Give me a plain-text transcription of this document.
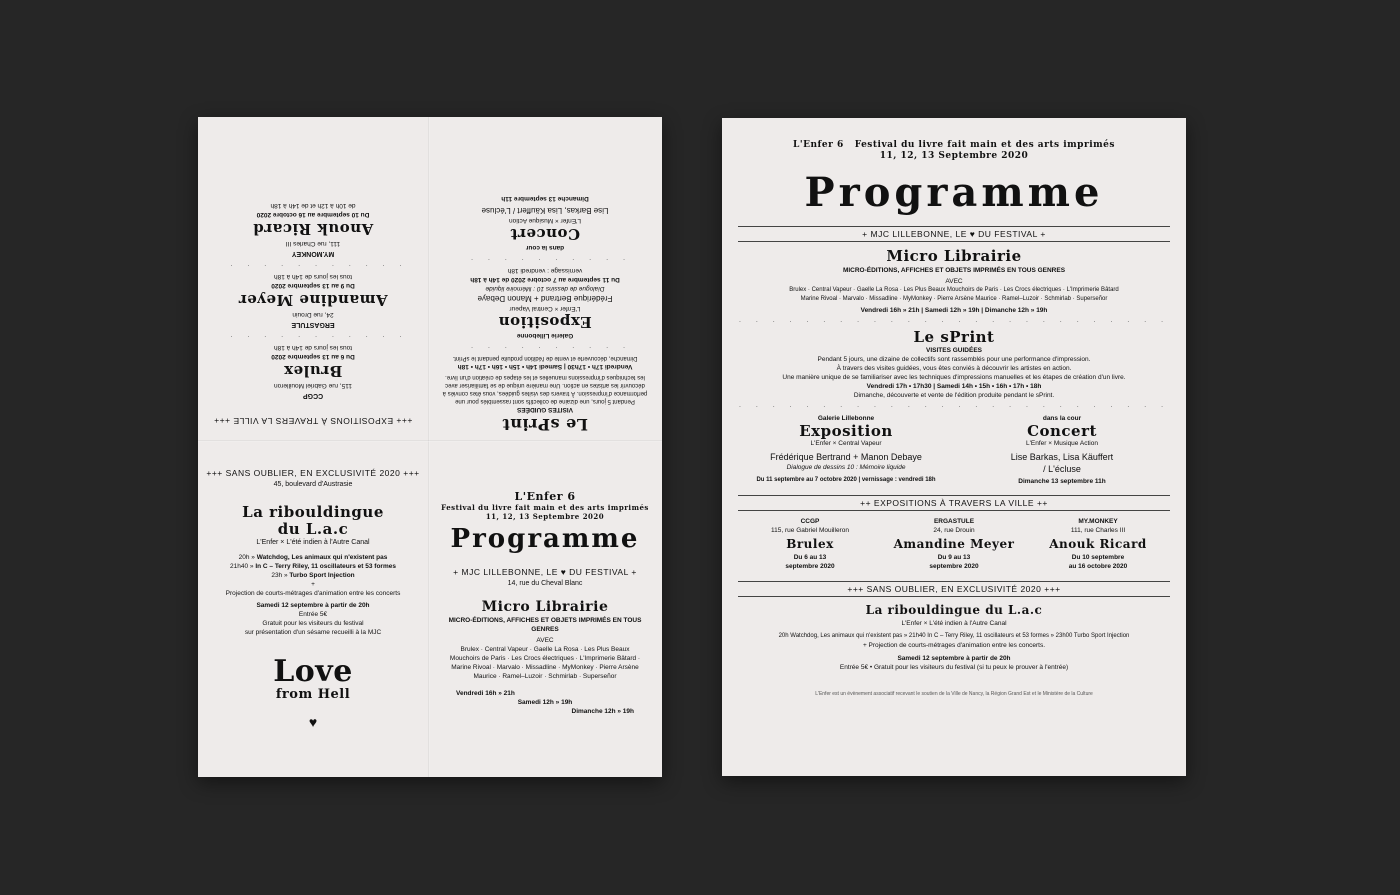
+++ EXPOSITIONS À TRAVERS LA VILLE +++
CCGP
115, rue Gabriel Mouilleron
Brulex
Du 6 au 13 septembre 2020
tous les jours de 14h à 18h
· · · · · · · · · · ·
ERGASTULE
24, rue Drouin
Amandine Meyer
Du 9 au 13 septembre 2020
tous les jours de 14h à 18h
· · · · · · · · · · ·
MY.MONKEY
111, rue Charles III
Anouk Ricard
Du 10 septembre au 16 octobre 2020
de 10h à 12h et de 14h à 18h
Le sPrint
VISITES GUIDÉES
Pendant 5 jours, une dizaine de collectifs sont rassemblés pour une performance d'impression. À travers des visites guidées, vous êtes conviés à découvrir les artistes en action. Une manière unique de se familiariser avec les techniques d'impressions manuelles et les étapes de création d'un livre.
Vendredi 17h • 17h30 | Samedi 14h • 15h • 16h • 17h • 18h
Dimanche, découverte et vente de l'édition produite pendant le sPrint.
· · · · · · · · · ·
Galerie Lillebonne
Exposition
L'Enfer × Central Vapeur
Frédérique Bertrand + Manon Debaye
Dialogue de dessins 10 : Mémoire liquide
Du 11 septembre au 7 octobre 2020 de 14h à 18h
vernissage : vendredi 18h
· · · · · · · · · ·
dans la cour
Concert
L'Enfer × Musique Action
Lise Barkas, Lisa Käuffert / L'écluse
Dimanche 13 septembre 11h
+++ SANS OUBLIER, EN EXCLUSIVITÉ 2020 +++
45, boulevard d'Austrasie
La ribouldingue
du L.a.c
L'Enfer × L'été indien à l'Autre Canal
20h » Watchdog, Les animaux qui n'existent pas
21h40 » In C – Terry Riley, 11 oscillateurs et 53 formes
23h » Turbo Sport Injection
+
Projection de courts-métrages d'animation entre les concerts
Samedi 12 septembre à partir de 20h
Entrée 5€
Gratuit pour les visiteurs du festival
sur présentation d'un sésame recueilli à la MJC
Love
from Hell
♥
L'Enfer 6
Festival du livre fait main et des arts imprimés
11, 12, 13 Septembre 2020
Programme
+ MJC LILLEBONNE, LE ♥ DU FESTIVAL +
14, rue du Cheval Blanc
Micro Librairie
MICRO-ÉDITIONS, AFFICHES ET OBJETS IMPRIMÉS EN TOUS GENRES
AVEC
Brulex · Central Vapeur · Gaelle La Rosa · Les Plus Beaux Mouchoirs de Paris · Les Crocs électriques · L'Imprimerie Bâtard · Marine Rivoal · Marvalo · Missadline · MyMonkey · Pierre Arsène Maurice · Ramel–Luzoir · Schmirlab · Superseñor
Vendredi 16h » 21h
Samedi 12h » 19h
Dimanche 12h » 19h
L'Enfer 6 Festival du livre fait main et des arts imprimés
11, 12, 13 Septembre 2020
Programme
+ MJC LILLEBONNE, LE ♥ DU FESTIVAL +
Micro Librairie
MICRO-ÉDITIONS, AFFICHES ET OBJETS IMPRIMÉS EN TOUS GENRES
AVEC
Brulex · Central Vapeur · Gaelle La Rosa · Les Plus Beaux Mouchoirs de Paris · Les Crocs électriques · L'Imprimerie Bâtard
Marine Rivoal · Marvalo · Missadline · MyMonkey · Pierre Arsène Maurice · Ramel–Luzoir · Schmirlab · Superseñor
Vendredi 16h » 21h | Samedi 12h » 19h | Dimanche 12h » 19h
· · · · · · · · · · · · · · · · · · · · · · · · · ·
Le sPrint
VISITES GUIDÉES
Pendant 5 jours, une dizaine de collectifs sont rassemblés pour une performance d'impression.
À travers des visites guidées, vous êtes conviés à découvrir les artistes en action.
Une manière unique de se familiariser avec les techniques d'impressions manuelles et les étapes de création d'un livre.
Vendredi 17h • 17h30 | Samedi 14h • 15h • 16h • 17h • 18h
Dimanche, découverte et vente de l'édition produite pendant le sPrint.
· · · · · · · · · · · · · · · · · · · · · · · · · ·
Galerie Lillebonne
Exposition
L'Enfer × Central Vapeur
Frédérique Bertrand + Manon Debaye
Dialogue de dessins 10 : Mémoire liquide
Du 11 septembre au 7 octobre 2020 | vernissage : vendredi 18h
dans la cour
Concert
L'Enfer × Musique Action
Lise Barkas, Lisa Käuffert
/ L'écluse
Dimanche 13 septembre 11h
++ EXPOSITIONS À TRAVERS LA VILLE ++
CCGP
115, rue Gabriel Mouilleron
Brulex
Du 6 au 13
septembre 2020
ERGASTULE
24, rue Drouin
Amandine Meyer
Du 9 au 13
septembre 2020
MY.MONKEY
111, rue Charles III
Anouk Ricard
Du 10 septembre
au 16 octobre 2020
+++ SANS OUBLIER, EN EXCLUSIVITÉ 2020 +++
La ribouldingue du L.a.c
L'Enfer × L'été indien à l'Autre Canal
20h Watchdog, Les animaux qui n'existent pas » 21h40 In C – Terry Riley, 11 oscillateurs et 53 formes » 23h00 Turbo Sport Injection
+ Projection de courts-métrages d'animation entre les concerts.
Samedi 12 septembre à partir de 20h
Entrée 5€ • Gratuit pour les visiteurs du festival (si tu peux le prouver à l'entrée)
L'Enfer est un évènement associatif recevant le soutien de la Ville de Nancy, la Région Grand Est et le Ministère de la Culture
